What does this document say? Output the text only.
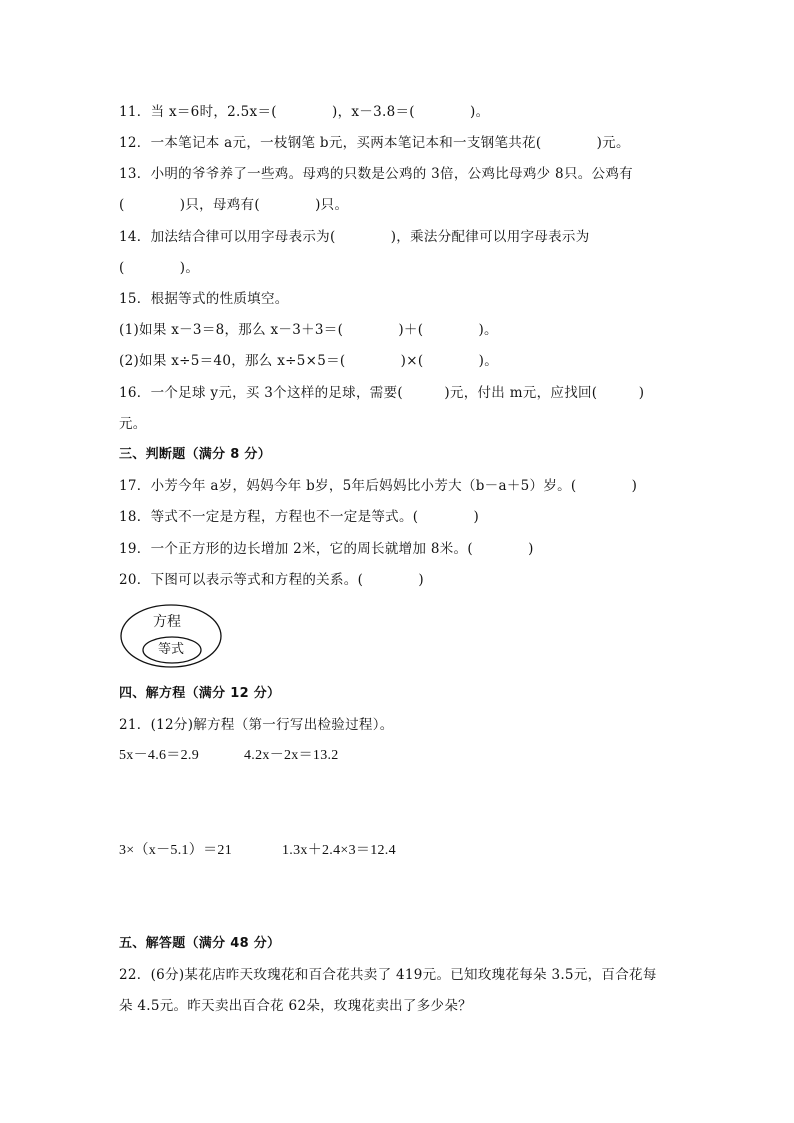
11．当 x＝6时，2.5x＝(　　　　)，x－3.8＝(　　　　)。
12．一本笔记本 a元，一枝钢笔 b元，买两本笔记本和一支钢笔共花(　　　　)元。
13．小明的爷爷养了一些鸡。母鸡的只数是公鸡的 3倍，公鸡比母鸡少 8只。公鸡有
(　　　　)只，母鸡有(　　　　)只。
14．加法结合律可以用字母表示为(　　　　)，乘法分配律可以用字母表示为
(　　　　)。
15．根据等式的性质填空。
(1)如果 x－3＝8，那么 x－3＋3＝(　　　　)＋(　　　　)。
(2)如果 x÷5＝40，那么 x÷5×5＝(　　　　)×(　　　　)。
16．一个足球 y元，买 3个这样的足球，需要(　　　)元，付出 m元，应找回(　　　)
元。
三、判断题（满分 8 分）
17．小芳今年 a岁，妈妈今年 b岁，5年后妈妈比小芳大（b－a＋5）岁。(　　　　)
18．等式不一定是方程，方程也不一定是等式。(　　　　)
19．一个正方形的边长增加 2米，它的周长就增加 8米。(　　　　)
20．下图可以表示等式和方程的关系。(　　　　)
方程
等式
四、解方程（满分 12 分）
21．(12分)解方程（第一行写出检验过程）。
5x－4.6＝2.9	4.2x－2x＝13.2
3×（x－5.1）＝21	1.3x＋2.4×3＝12.4
五、解答题（满分 48 分）
22．(6分)某花店昨天玫瑰花和百合花共卖了 419元。已知玫瑰花每朵 3.5元，百合花每
朵 4.5元。昨天卖出百合花 62朵，玫瑰花卖出了多少朵？
